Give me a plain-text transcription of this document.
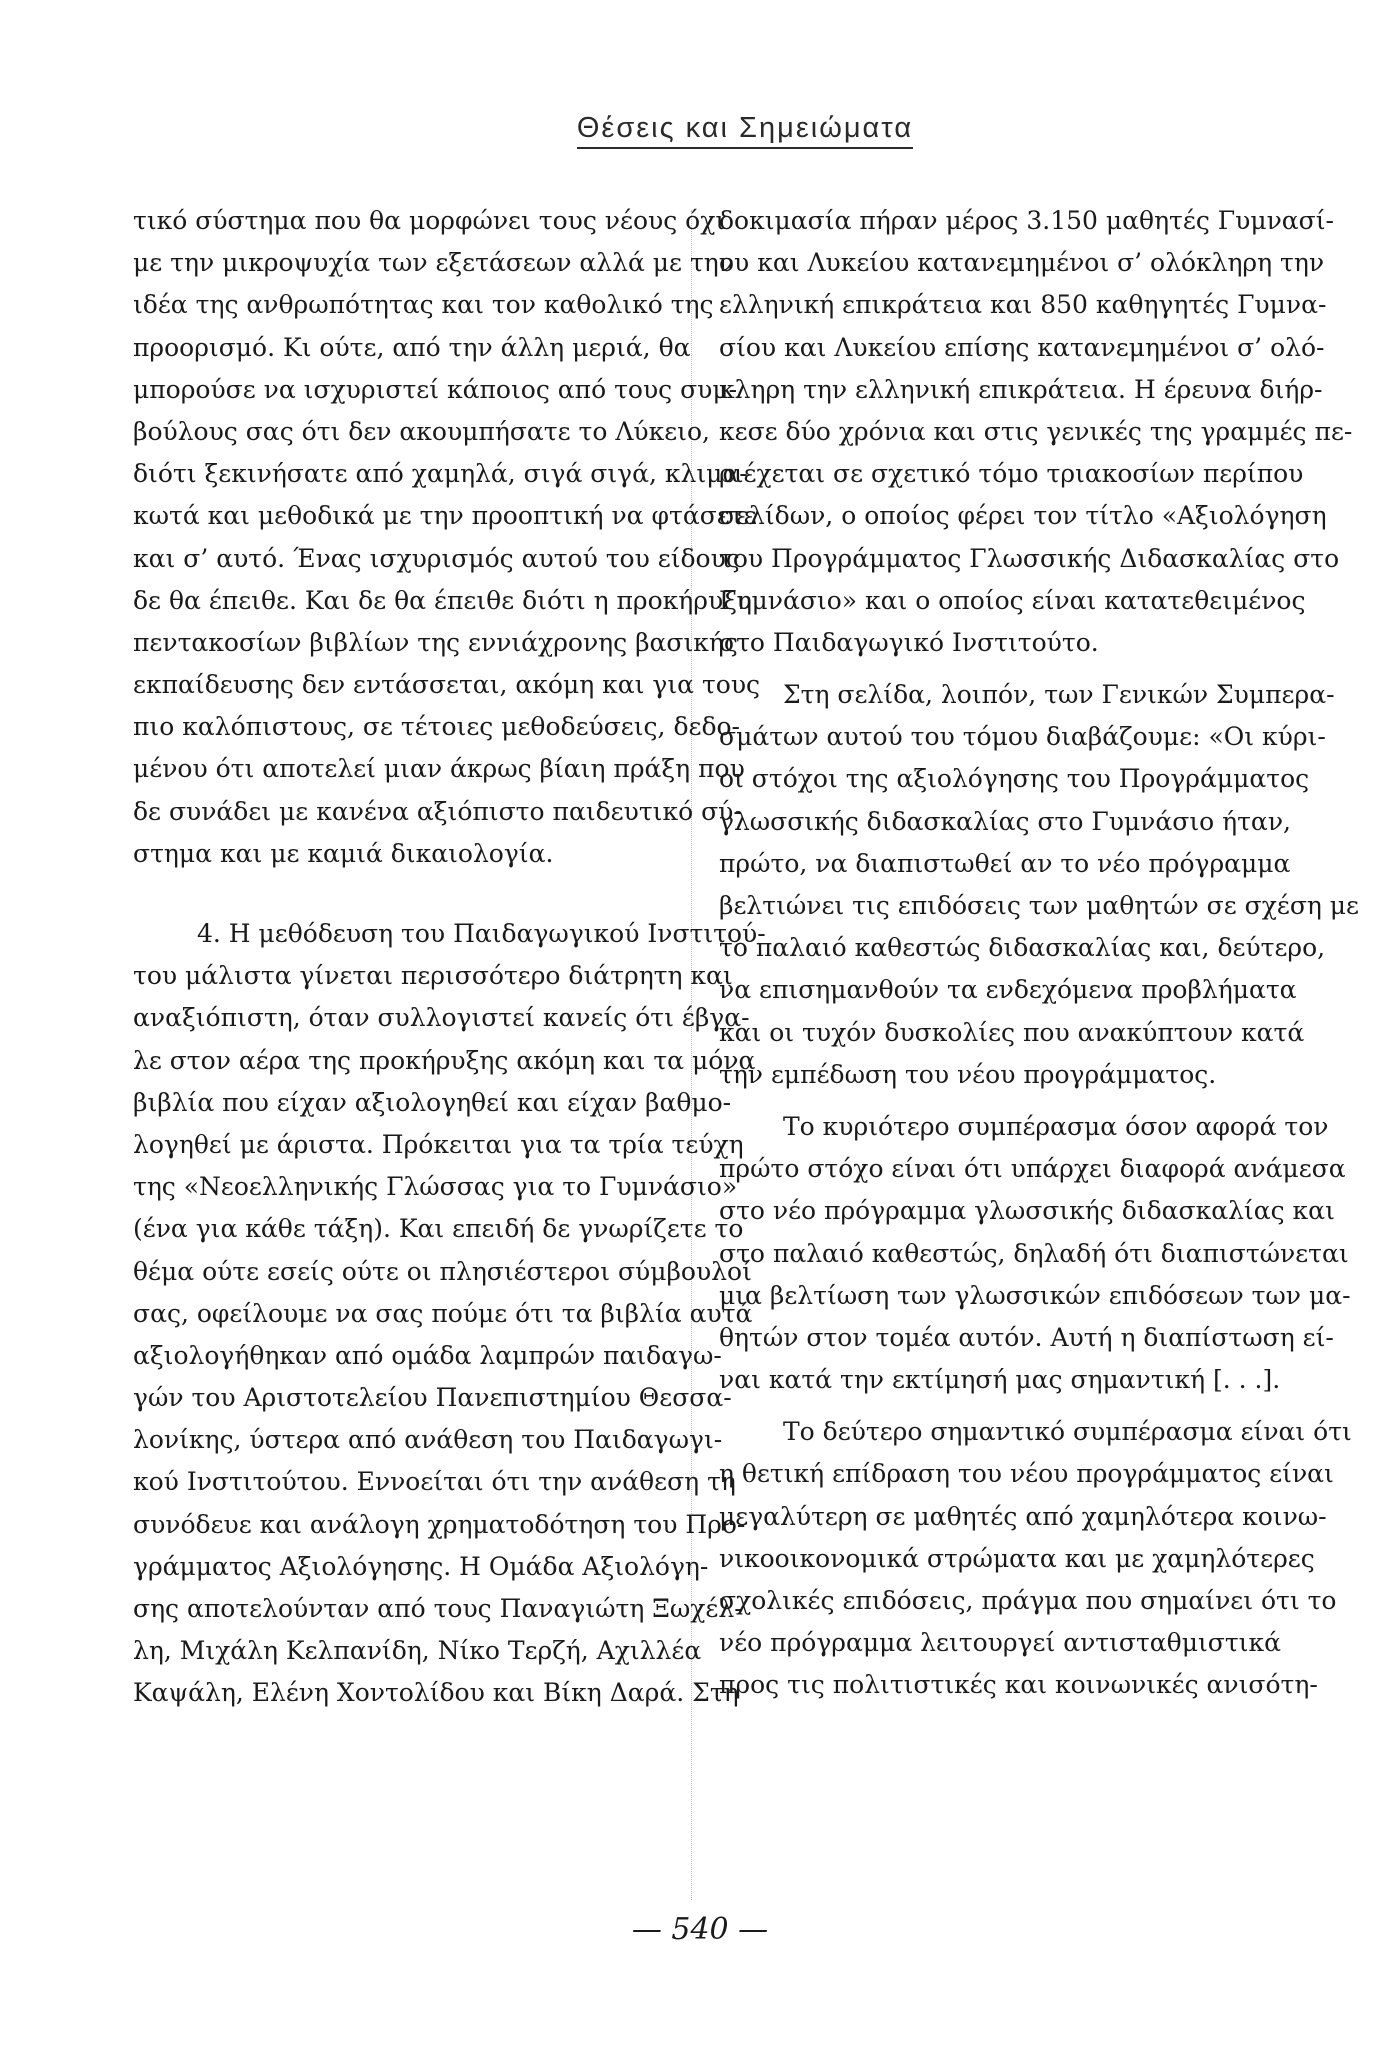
Θέσεις και Σημειώματα
τικό σύστημα που θα μορφώνει τους νέους όχι
με την μικροψυχία των εξετάσεων αλλά με την
ιδέα της ανθρωπότητας και τον καθολικό της
προορισμό. Κι ούτε, από την άλλη μεριά, θα
μπορούσε να ισχυριστεί κάποιος από τους συμ-
βούλους σας ότι δεν ακουμπήσατε το Λύκειο,
διότι ξεκινήσατε από χαμηλά, σιγά σιγά, κλιμα-
κωτά και μεθοδικά με την προοπτική να φτάσετε
και σ’ αυτό. Ένας ισχυρισμός αυτού του είδους
δε θα έπειθε. Και δε θα έπειθε διότι η προκήρυξη
πεντακοσίων βιβλίων της εννιάχρονης βασικής
εκπαίδευσης δεν εντάσσεται, ακόμη και για τους
πιο καλόπιστους, σε τέτοιες μεθοδεύσεις, δεδο-
μένου ότι αποτελεί μιαν άκρως βίαιη πράξη που
δε συνάδει με κανένα αξιόπιστο παιδευτικό σύ-
στημα και με καμιά δικαιολογία.
4. Η μεθόδευση του Παιδαγωγικού Ινστιτού-
του μάλιστα γίνεται περισσότερο διάτρητη και
αναξιόπιστη, όταν συλλογιστεί κανείς ότι έβγα-
λε στον αέρα της προκήρυξης ακόμη και τα μόνα
βιβλία που είχαν αξιολογηθεί και είχαν βαθμο-
λογηθεί με άριστα. Πρόκειται για τα τρία τεύχη
της «Νεοελληνικής Γλώσσας για το Γυμνάσιο»
(ένα για κάθε τάξη). Και επειδή δε γνωρίζετε το
θέμα ούτε εσείς ούτε οι πλησιέστεροι σύμβουλοί
σας, οφείλουμε να σας πούμε ότι τα βιβλία αυτά
αξιολογήθηκαν από ομάδα λαμπρών παιδαγω-
γών του Αριστοτελείου Πανεπιστημίου Θεσσα-
λονίκης, ύστερα από ανάθεση του Παιδαγωγι-
κού Ινστιτούτου. Εννοείται ότι την ανάθεση τη
συνόδευε και ανάλογη χρηματοδότηση του Προ-
γράμματος Αξιολόγησης. Η Ομάδα Αξιολόγη-
σης αποτελούνταν από τους Παναγιώτη Ξωχέλ-
λη, Μιχάλη Κελπανίδη, Νίκο Τερζή, Αχιλλέα
Καψάλη, Ελένη Χοντολίδου και Βίκη Δαρά. Στη
δοκιμασία πήραν μέρος 3.150 μαθητές Γυμνασί-
ου και Λυκείου κατανεμημένοι σ’ ολόκληρη την
ελληνική επικράτεια και 850 καθηγητές Γυμνα-
σίου και Λυκείου επίσης κατανεμημένοι σ’ ολό-
κληρη την ελληνική επικράτεια. Η έρευνα διήρ-
κεσε δύο χρόνια και στις γενικές της γραμμές πε-
ριέχεται σε σχετικό τόμο τριακοσίων περίπου
σελίδων, ο οποίος φέρει τον τίτλο «Αξιολόγηση
του Προγράμματος Γλωσσικής Διδασκαλίας στο
Γυμνάσιο» και ο οποίος είναι κατατεθειμένος
στο Παιδαγωγικό Ινστιτούτο.
Στη σελίδα, λοιπόν, των Γενικών Συμπερα-
σμάτων αυτού του τόμου διαβάζουμε: «Οι κύρι-
οι στόχοι της αξιολόγησης του Προγράμματος
γλωσσικής διδασκαλίας στο Γυμνάσιο ήταν,
πρώτο, να διαπιστωθεί αν το νέο πρόγραμμα
βελτιώνει τις επιδόσεις των μαθητών σε σχέση με
το παλαιό καθεστώς διδασκαλίας και, δεύτερο,
να επισημανθούν τα ενδεχόμενα προβλήματα
και οι τυχόν δυσκολίες που ανακύπτουν κατά
την εμπέδωση του νέου προγράμματος.
Το κυριότερο συμπέρασμα όσον αφορά τον
πρώτο στόχο είναι ότι υπάρχει διαφορά ανάμεσα
στο νέο πρόγραμμα γλωσσικής διδασκαλίας και
στο παλαιό καθεστώς, δηλαδή ότι διαπιστώνεται
μια βελτίωση των γλωσσικών επιδόσεων των μα-
θητών στον τομέα αυτόν. Αυτή η διαπίστωση εί-
ναι κατά την εκτίμησή μας σημαντική [. . .].
Το δεύτερο σημαντικό συμπέρασμα είναι ότι
η θετική επίδραση του νέου προγράμματος είναι
μεγαλύτερη σε μαθητές από χαμηλότερα κοινω-
νικοοικονομικά στρώματα και με χαμηλότερες
σχολικές επιδόσεις, πράγμα που σημαίνει ότι το
νέο πρόγραμμα λειτουργεί αντισταθμιστικά
προς τις πολιτιστικές και κοινωνικές ανισότη-
— 540 —
